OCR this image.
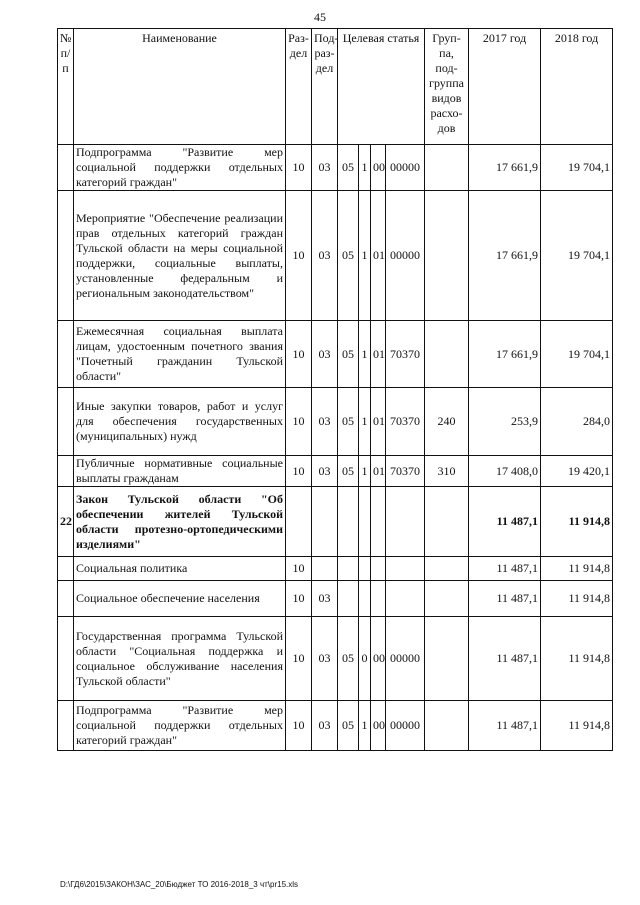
45
№ п/п	Наименование	Раз-дел	Под-раз-дел	Целевая статья				Груп-па, под-группа видов расхо-дов	2017 год	2018 год
	Подпрограмма "Развитие мер социальной поддержки отдельных категорий граждан"	10	03	05	1	00	00000		17 661,9	19 704,1
	Мероприятие "Обеспечение реализации прав отдельных категорий граждан Тульской области на меры социальной поддержки, социальные выплаты, установленные федеральным и региональным законодательством"	10	03	05	1	01	00000		17 661,9	19 704,1
	Ежемесячная социальная выплата лицам, удостоенным почетного звания "Почетный гражданин Тульской области"	10	03	05	1	01	70370		17 661,9	19 704,1
	Иные закупки товаров, работ и услуг для обеспечения государственных (муниципальных) нужд	10	03	05	1	01	70370	240	253,9	284,0
	Публичные нормативные социальные выплаты гражданам	10	03	05	1	01	70370	310	17 408,0	19 420,1
22	Закон Тульской области "Об обеспечении жителей Тульской области протезно-ортопедическими изделиями"								11 487,1	11 914,8
	Социальная политика	10							11 487,1	11 914,8
	Социальное обеспечение населения	10	03						11 487,1	11 914,8
	Государственная программа Тульской области "Социальная поддержка и социальное обслуживание населения Тульской области"	10	03	05	0	00	00000		11 487,1	11 914,8
	Подпрограмма "Развитие мер социальной поддержки отдельных категорий граждан"	10	03	05	1	00	00000		11 487,1	11 914,8
D:\ГД6\2015\ЗАКОН\ЗАС_20\Бюджет ТО 2016-2018_3 чт\pr15.xls
